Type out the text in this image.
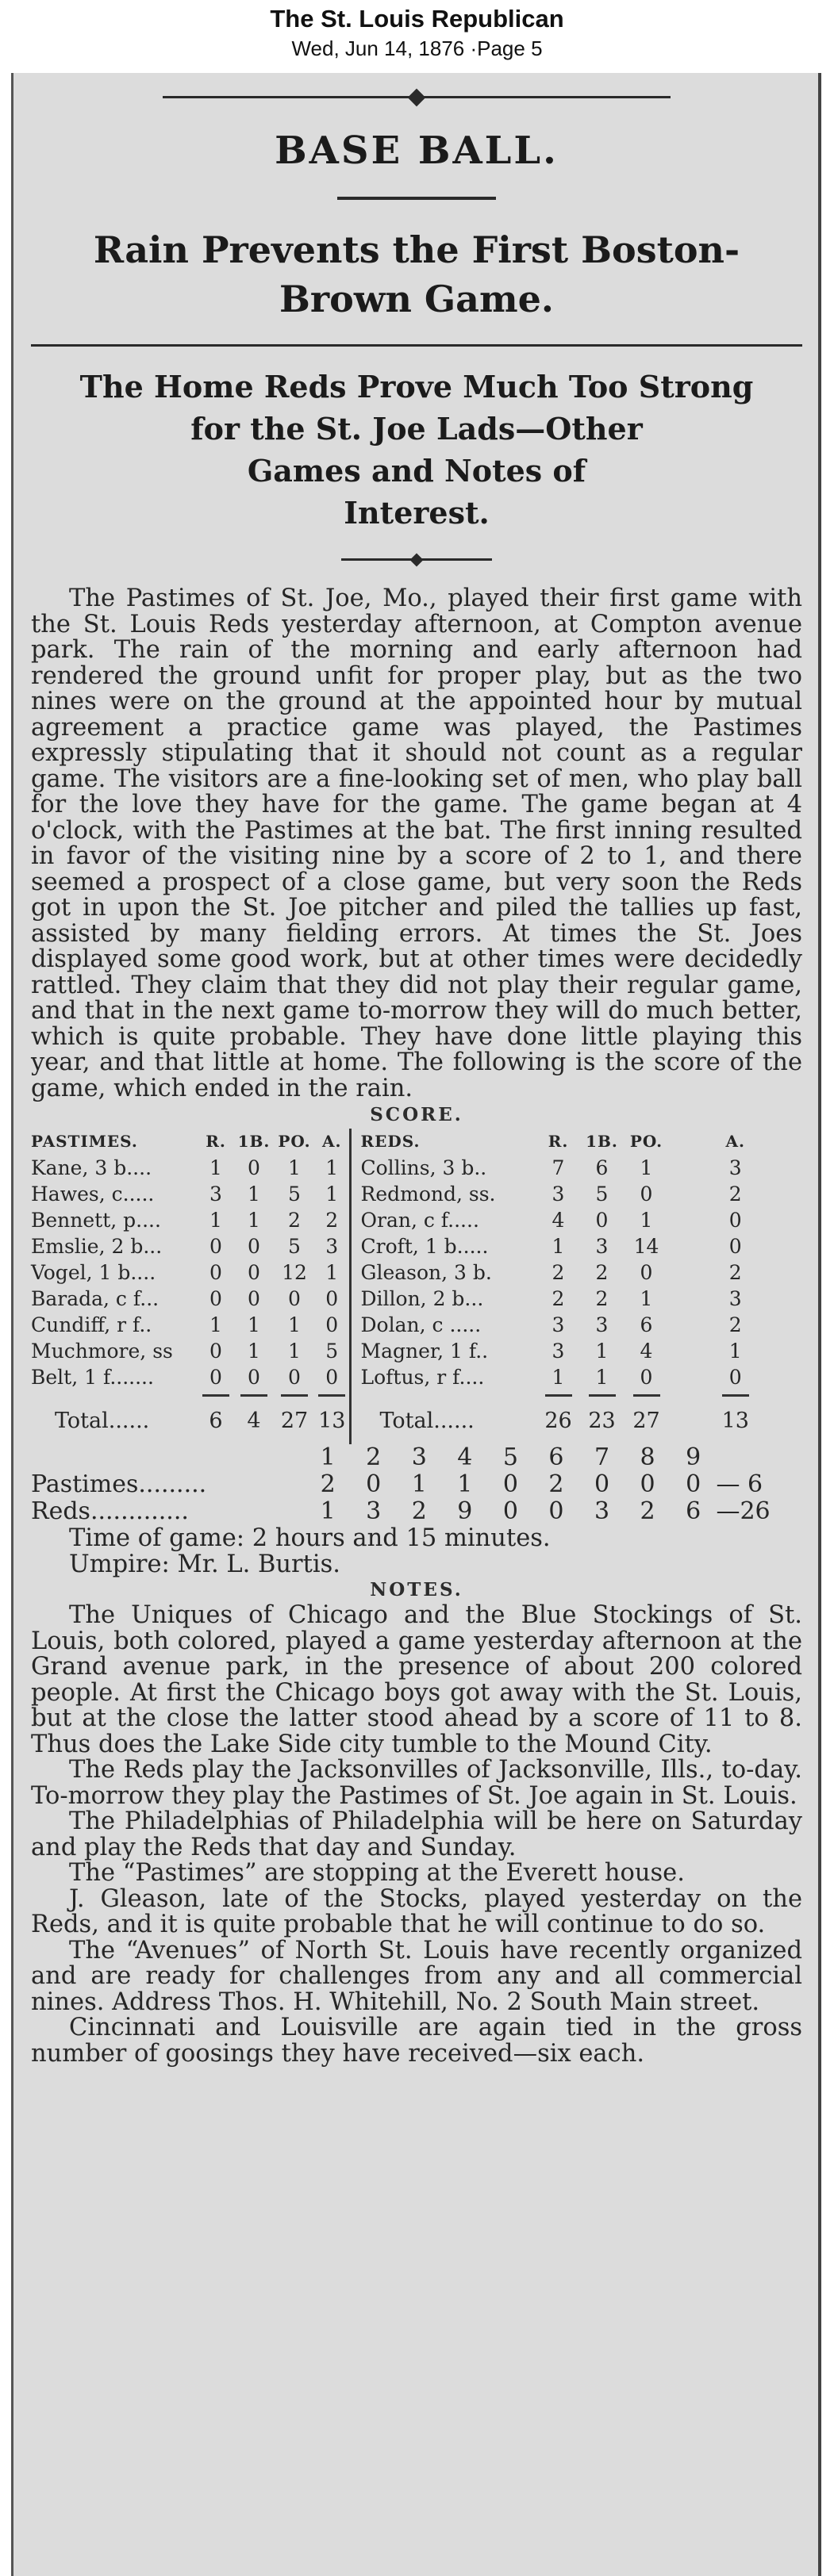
The St. Louis Republican
Wed, Jun 14, 1876 ·Page 5
BASE BALL.
Rain Prevents the First Boston-
Brown Game.
The Home Reds Prove Much Too Strong
for the St. Joe Lads—Other
Games and Notes of
Interest.

The Pastimes of St. Joe, Mo., played their first game with the St. Louis Reds yesterday afternoon, at Compton avenue park. The rain of the morning and early afternoon had rendered the ground unfit for proper play, but as the two nines were on the ground at the appointed hour by mutual agreement a practice game was played, the Pastimes expressly stipulating that it should not count as a regular game. The visitors are a fine-looking set of men, who play ball for the love they have for the game. The game began at 4 o'clock, with the Pastimes at the bat. The first inning resulted in favor of the visiting nine by a score of 2 to 1, and there seemed a prospect of a close game, but very soon the Reds got in upon the St. Joe pitcher and piled the tallies up fast, assisted by many fielding errors. At times the St. Joes displayed some good work, but at other times were decidedly rattled. They claim that they did not play their regular game, and that in the next game to-morrow they will do much better, which is quite probable. They have done little playing this year, and that little at home. The following is the score of the game, which ended in the rain.

SCORE.
PASTIMES.	R.	1B.	PO.	A.		REDS.	R.	1B.	PO.	A.
Kane, 3 b....	1	0	1	1		Collins, 3 b..	7	6	1	3
Hawes, c.....	3	1	5	1		Redmond, ss.	3	5	0	2
Bennett, p....	1	1	2	2		Oran, c f.....	4	0	1	0
Emslie, 2 b...	0	0	5	3		Croft, 1 b.....	1	3	14	0
Vogel, 1 b....	0	0	12	1		Gleason, 3 b.	2	2	0	2
Barada, c f...	0	0	0	0		Dillon, 2 b...	2	2	1	3
Cundiff, r f..	1	1	1	0		Dolan, c .....	3	3	6	2
Muchmore, ss	0	1	1	5		Magner, 1 f..	3	1	4	1
Belt, 1 f.......	0	0	0	0		Loftus, r f....	1	1	0	0

Total......	6	4	27	13		Total......	26	23	27	13
	1	2	3	4	5	6	7	8	9	
Pastimes.........	2	0	1	1	0	2	0	0	0	— 6
Reds.............	1	3	2	9	0	0	3	2	6	—26
Time of game: 2 hours and 15 minutes.
Umpire: Mr. L. Burtis.
NOTES.

The Uniques of Chicago and the Blue Stockings of St. Louis, both colored, played a game yesterday afternoon at the Grand avenue park, in the presence of about 200 colored people. At first the Chicago boys got away with the St. Louis, but at the close the latter stood ahead by a score of 11 to 8. Thus does the Lake Side city tumble to the Mound City.

The Reds play the Jacksonvilles of Jacksonville, Ills., to-day. To-morrow they play the Pastimes of St. Joe again in St. Louis.

The Philadelphias of Philadelphia will be here on Saturday and play the Reds that day and Sunday.

The “Pastimes” are stopping at the Everett house.

J. Gleason, late of the Stocks, played yesterday on the Reds, and it is quite probable that he will continue to do so.

The “Avenues” of North St. Louis have recently organized and are ready for challenges from any and all commercial nines. Address Thos. H. Whitehill, No. 2 South Main street.

Cincinnati and Louisville are again tied in the gross number of goosings they have received—six each.
